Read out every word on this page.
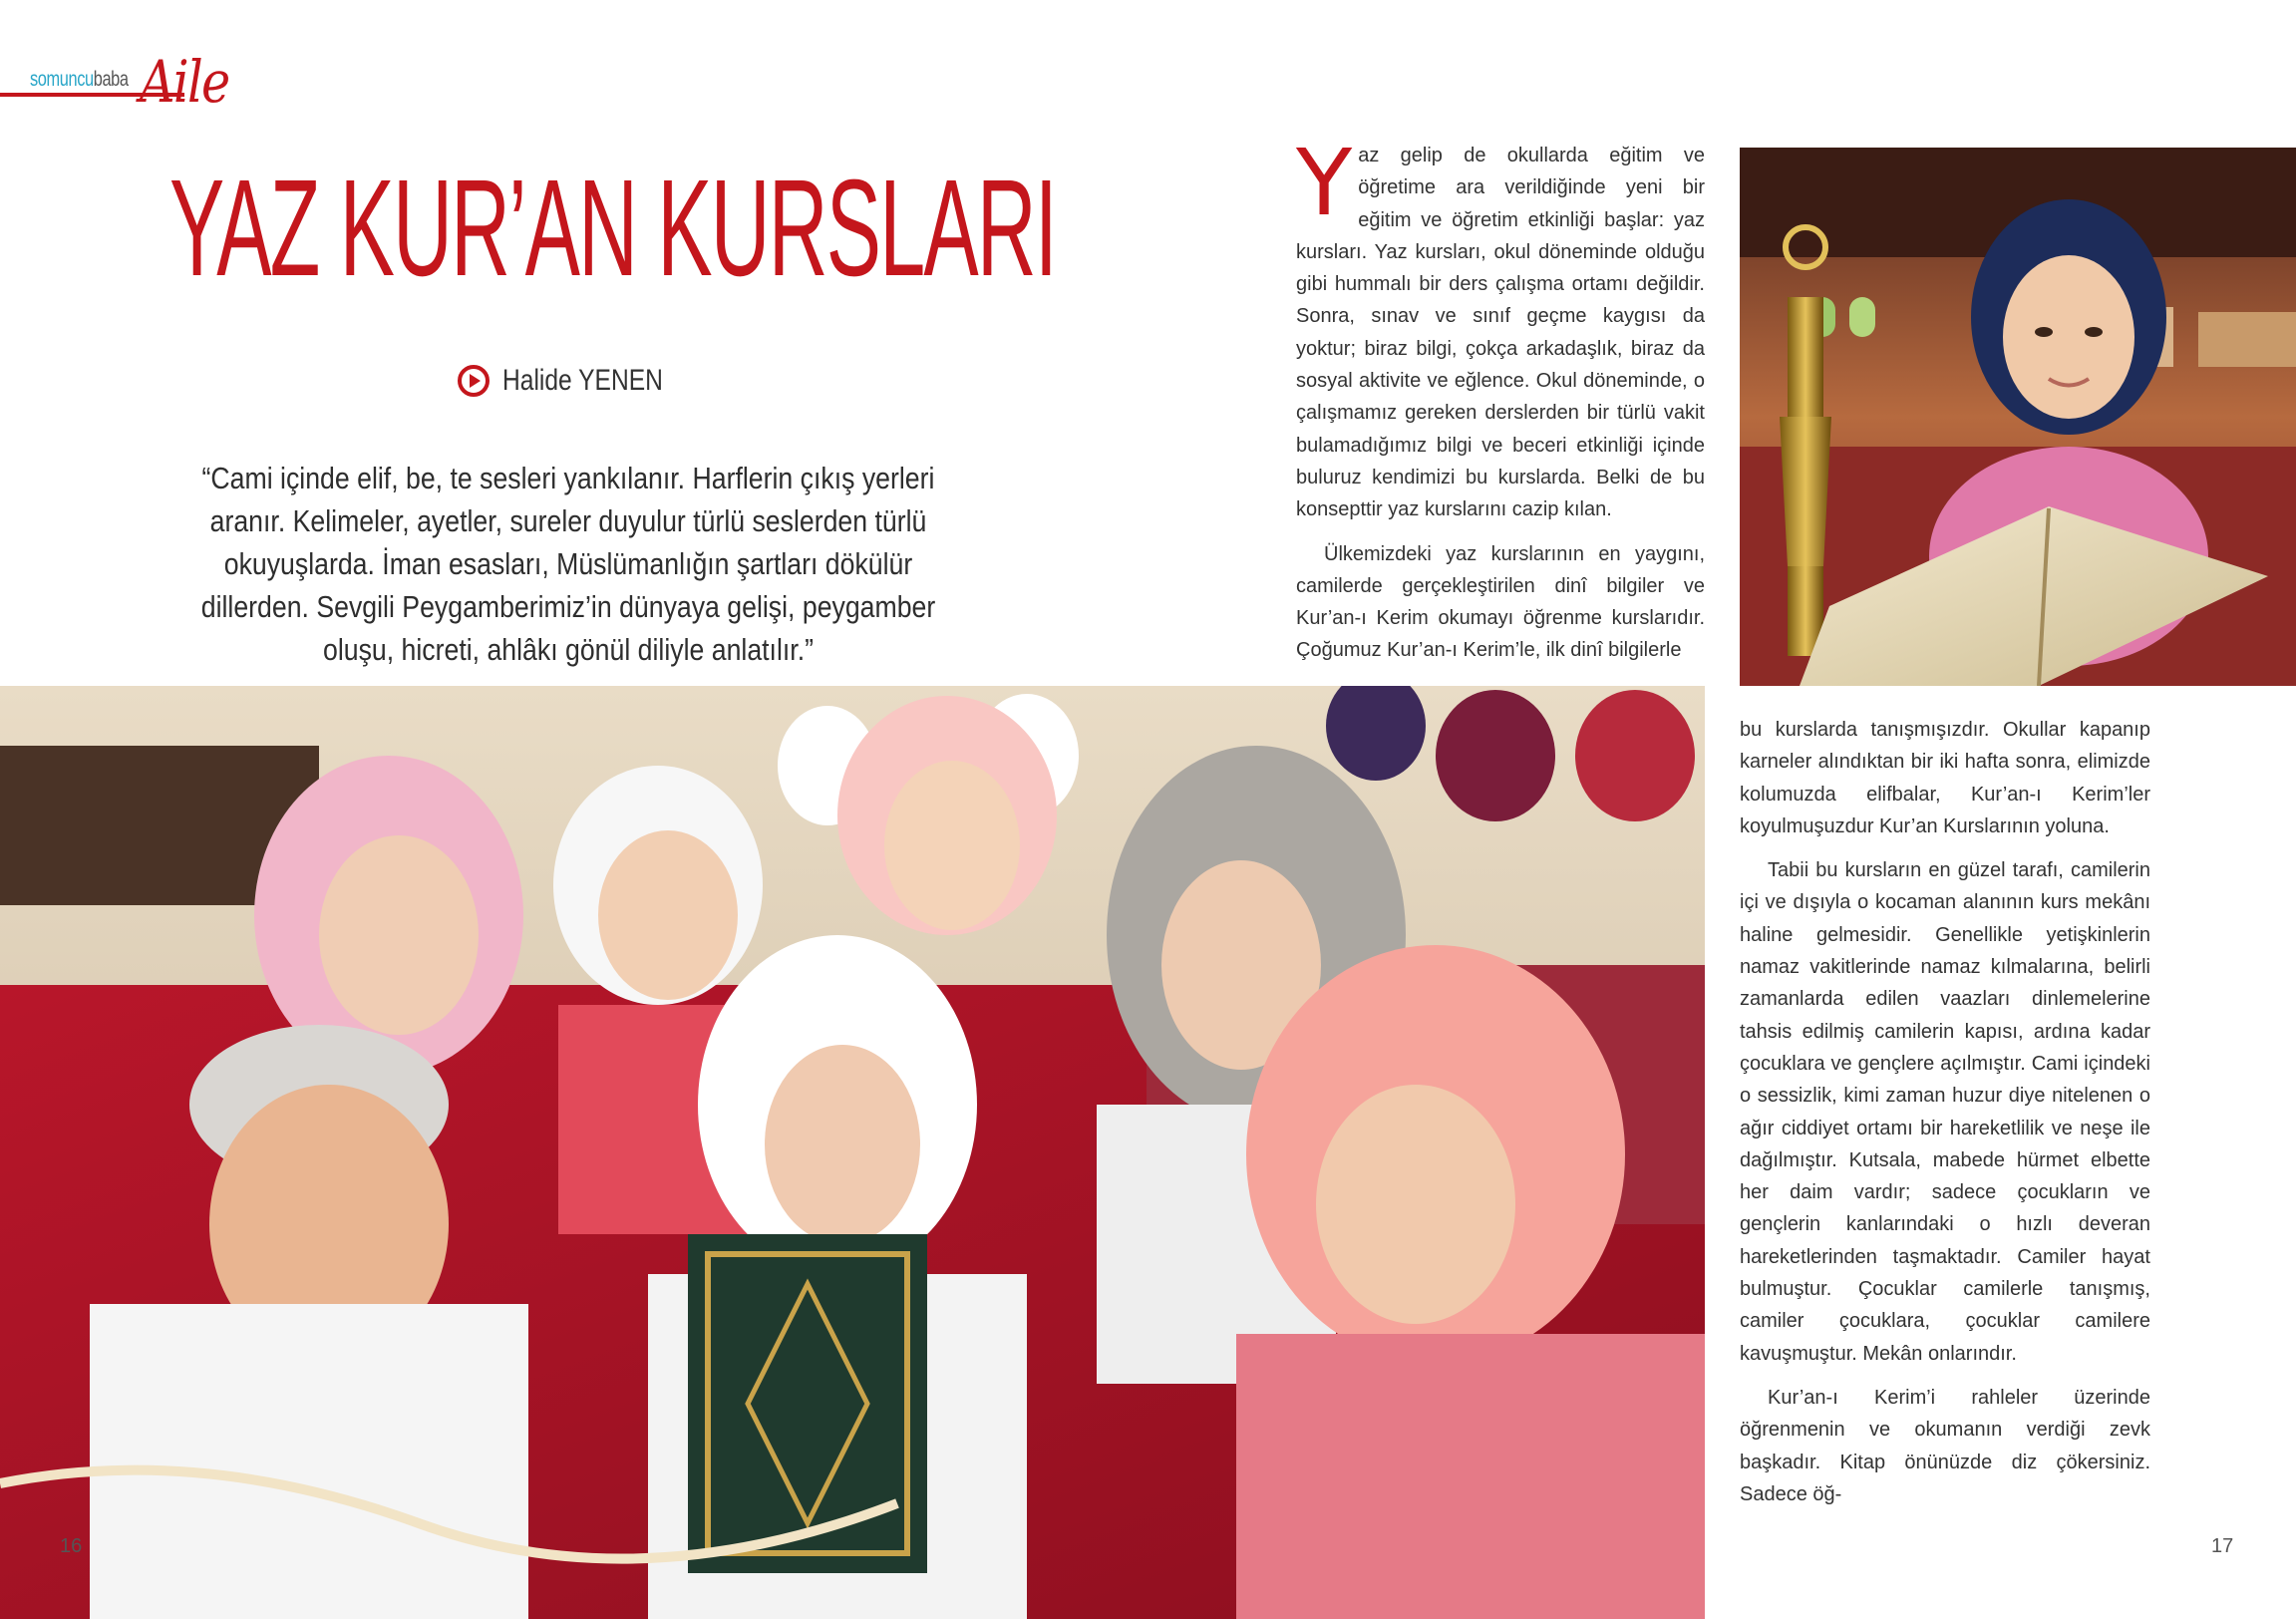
somuncubaba Aile
YAZ KUR’AN KURSLARI
Halide YENEN
“Cami içinde elif, be, te sesleri yankılanır. Harflerin çıkış yerleri aranır. Kelimeler, ayetler, sureler duyulur türlü seslerden türlü okuyuşlarda. İman esasları, Müslümanlığın şartları dökülür dillerden. Sevgili Peygamberimiz’in dünyaya gelişi, peygamber oluşu, hicreti, ahlâkı gönül diliyle anlatılır.”

Yaz gelip de okullarda eğitim ve öğretime ara verildiğinde yeni bir eğitim ve öğretim etkinliği başlar: yaz kursları. Yaz kursları, okul döneminde olduğu gibi hummalı bir ders çalışma ortamı değildir. Sonra, sınav ve sınıf geçme kaygısı da yoktur; biraz bilgi, çokça arkadaşlık, biraz da sosyal aktivite ve eğlence. Okul döneminde, o çalışmamız gereken derslerden bir türlü vakit bulamadığımız bilgi ve beceri etkinliği içinde buluruz kendimizi bu kurslarda. Belki de bu konsepttir yaz kurslarını cazip kılan.

Ülkemizdeki yaz kurslarının en yaygını, camilerde gerçekleştirilen dinî bilgiler ve Kur’an-ı Kerim okumayı öğrenme kurslarıdır. Çoğumuz Kur’an-ı Kerim’le, ilk dinî bilgilerle

bu kurslarda tanışmışızdır. Okullar kapanıp karneler alındıktan bir iki hafta sonra, elimizde kolumuzda elifbalar, Kur’an-ı Kerim’ler koyulmuşuzdur Kur’an Kurslarının yoluna.

Tabii bu kursların en güzel tarafı, camilerin içi ve dışıyla o kocaman alanının kurs mekânı haline gelmesidir. Genellikle yetişkinlerin namaz vakitlerinde namaz kılmalarına, belirli zamanlarda edilen vaazları dinlemelerine tahsis edilmiş camilerin kapısı, ardına kadar çocuklara ve gençlere açılmıştır. Cami içindeki o sessizlik, kimi zaman huzur diye nitelenen o ağır ciddiyet ortamı bir hareketlilik ve neşe ile dağılmıştır. Kutsala, mabede hürmet elbette her daim vardır; sadece çocukların ve gençlerin kanlarındaki o hızlı deveran hareketlerinden taşmaktadır. Camiler hayat bulmuştur. Çocuklar camilerle tanışmış, camiler çocuklara, çocuklar camilere kavuşmuştur. Mekân onlarındır.

Kur’an-ı Kerim’i rahleler üzerinde öğrenmenin ve okumanın verdiği zevk başkadır. Kitap önünüzde diz çökersiniz. Sadece öğ-

16	17
